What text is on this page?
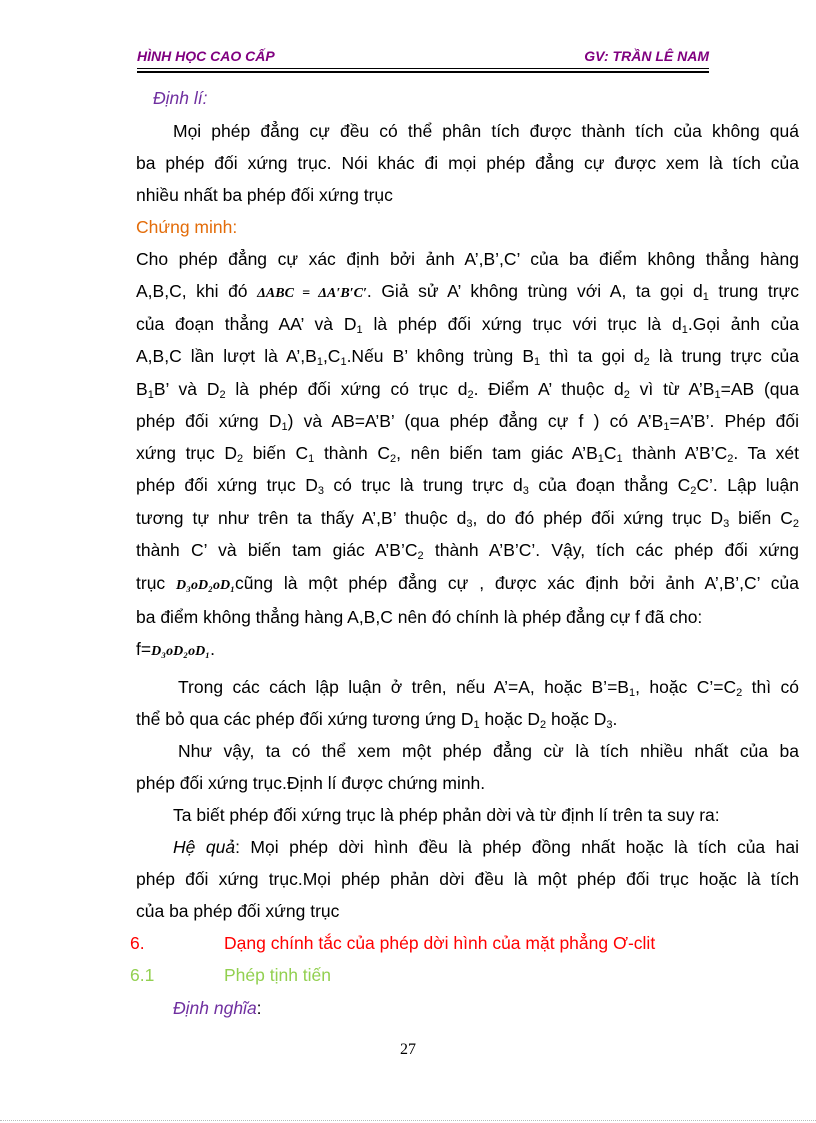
HÌNH HỌC CAO CẤP	GV: TRẦN LÊ NAM
Định lí:
Mọi phép đẳng cự đều có thể phân tích được thành tích của không quá
ba phép đối xứng trục. Nói khác đi mọi phép đẳng cự được xem là tích của
nhiều nhất ba phép đối xứng trục
Chứng minh:
Cho phép đẳng cự xác định bởi ảnh A’,B’,C’ của ba điểm không thẳng hàng
A,B,C, khi đó ΔABC = ΔA′B′C′. Giả sử A’ không trùng với A, ta gọi $d_1$ trung trực
của đoạn thẳng AA’ và $D_1$ là phép đối xứng trục với trục là $d_1.Gọi$ ảnh của
A,B,C lần lượt là $A’,B_1,C_1.Nếu$ B’ không trùng $B_1$ thì ta gọi $d_2$ là trung trực của
$B_1B$’ và $D_2$ là phép đối xứng có trục $d_2$. Điểm A’ thuộc $d_2$ vì từ $A’B_1=AB$ (qua
phép đối xứng $D_1$) và AB=A’B’ (qua phép đẳng cự f ) có $A’B_1=A’B$’. Phép đối
xứng trục $D_2$ biến $C_1$ thành $C_2$, nên biến tam giác $A’B_1C_1$ thành $A’B’C_2$. Ta xét
phép đối xứng trục $D_3$ có trục là trung trực $d_3$ của đoạn thẳng $C_2C$’. Lập luận
tương tự như trên ta thấy A’,B’ thuộc $d_3$, do đó phép đối xứng trục $D_3$ biến $C_2$
thành C’ và biến tam giác $A’B’C_2$ thành A’B’C’. Vậy, tích các phép đối xứng
trục D₃oD₂oD₁cũng là một phép đẳng cự , được xác định bởi ảnh A’,B’,C’ của
ba điểm không thẳng hàng A,B,C nên đó chính là phép đẳng cự f đã cho:
f=D₃oD₂oD₁.
Trong các cách lập luận ở trên, nếu A’=A, hoặc $B’=B_1$, hoặc $C’=C_2$ thì có
thể bỏ qua các phép đối xứng tương ứng $D_1$ hoặc $D_2$ hoặc $D_3$.
Như vậy, ta có thể xem một phép đẳng cừ là tích nhiều nhất của ba
phép đối xứng trục.Định lí được chứng minh.
Ta biết phép đối xứng trục là phép phản dời và từ định lí trên ta suy ra:
Hệ quả: Mọi phép dời hình đều là phép đồng nhất hoặc là tích của hai
phép đối xứng trục.Mọi phép phản dời đều là một phép đối trục hoặc là tích
của ba phép đối xứng trục
6.	Dạng chính tắc của phép dời hình của mặt phẳng Ơ-clit
6.1	Phép tịnh tiến
Định nghĩa:
27
